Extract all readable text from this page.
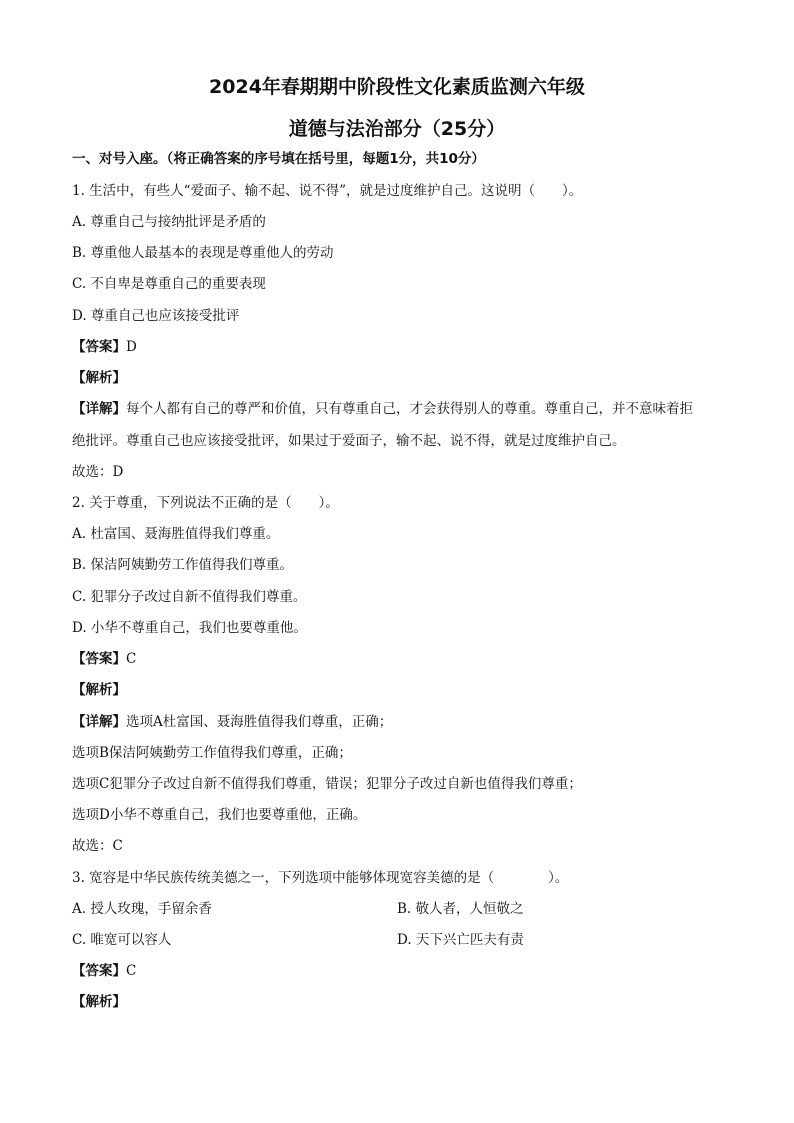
2024年春期期中阶段性文化素质监测六年级
道德与法治部分（25分）
一、对号入座。（将正确答案的序号填在括号里，每题1分，共10分）
1. 生活中，有些人“爱面子、输不起、说不得”，就是过度维护自己。这说明（　　）。
A. 尊重自己与接纳批评是矛盾的
B. 尊重他人最基本的表现是尊重他人的劳动
C. 不自卑是尊重自己的重要表现
D. 尊重自己也应该接受批评
【答案】D
【解析】
【详解】每个人都有自己的尊严和价值，只有尊重自己，才会获得别人的尊重。尊重自己，并不意味着拒
绝批评。尊重自己也应该接受批评，如果过于爱面子，输不起、说不得，就是过度维护自己。
故选：D
2. 关于尊重，下列说法不正确的是（　　）。
A. 杜富国、聂海胜值得我们尊重。
B. 保洁阿姨勤劳工作值得我们尊重。
C. 犯罪分子改过自新不值得我们尊重。
D. 小华不尊重自己，我们也要尊重他。
【答案】C
【解析】
【详解】选项A杜富国、聂海胜值得我们尊重，正确；
选项B保洁阿姨勤劳工作值得我们尊重，正确；
选项C犯罪分子改过自新不值得我们尊重，错误；犯罪分子改过自新也值得我们尊重；
选项D小华不尊重自己，我们也要尊重他，正确。
故选：C
3. 宽容是中华民族传统美德之一，下列选项中能够体现宽容美德的是（　　　　）。
A. 授人玫瑰，手留余香	B. 敬人者，人恒敬之
C. 唯宽可以容人	D. 天下兴亡匹夫有责
【答案】C
【解析】
